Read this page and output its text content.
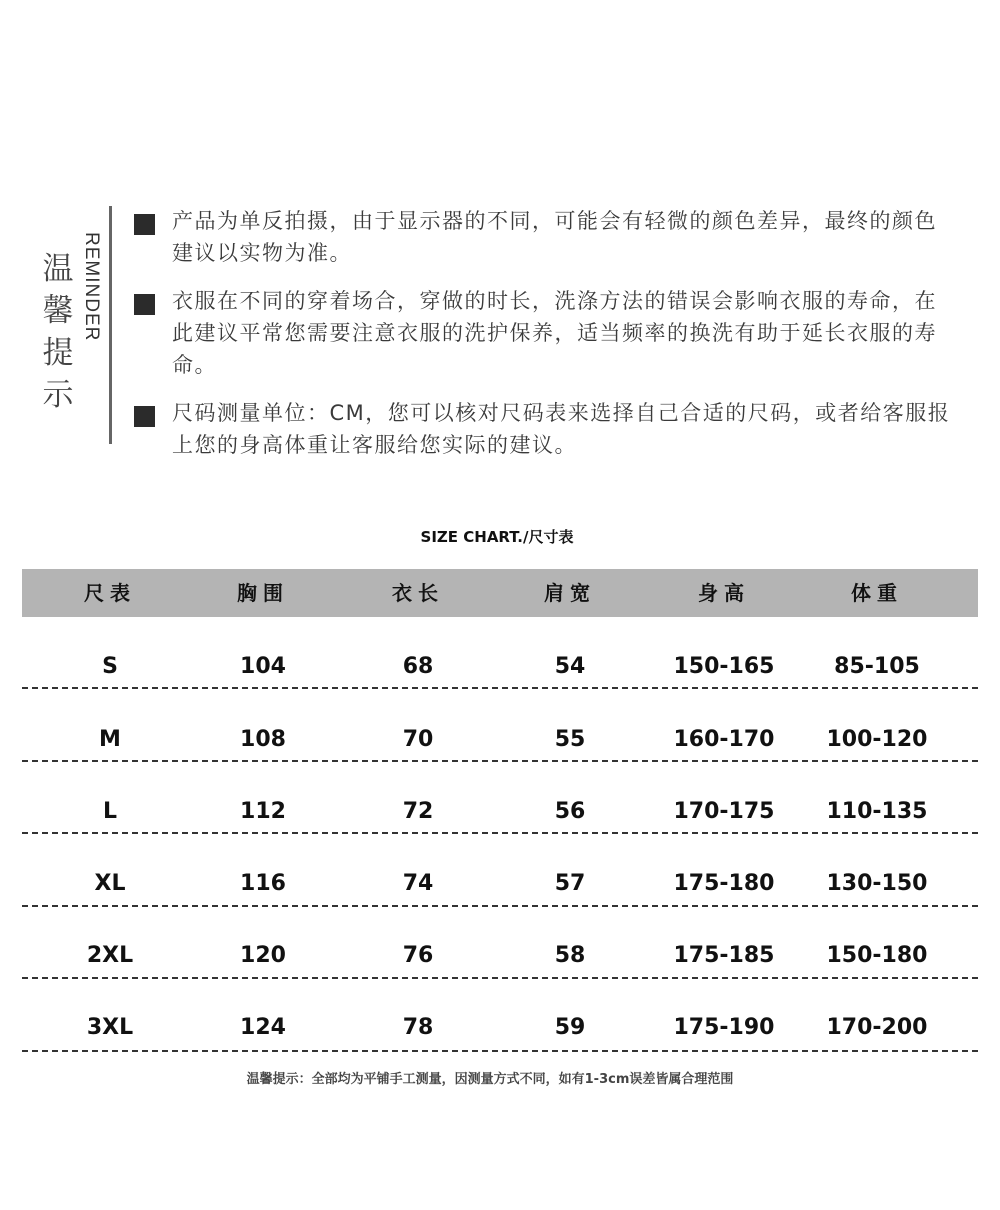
温
馨
提
示
REMINDER
产品为单反拍摄，由于显示器的不同，可能会有轻微的颜色差异，最终的颜色建议以实物为准。
衣服在不同的穿着场合，穿做的时长，洗涤方法的错误会影响衣服的寿命，在此建议平常您需要注意衣服的洗护保养，适当频率的换洗有助于延长衣服的寿命。
尺码测量单位：CM，您可以核对尺码表来选择自己合适的尺码，或者给客服报上您的身高体重让客服给您实际的建议。
SIZE CHART./尺寸表
尺表	胸围	衣长	肩宽	身高	体重
S	104	68	54	150-165	85-105
M	108	70	55	160-170	100-120
L	112	72	56	170-175	110-135
XL	116	74	57	175-180	130-150
2XL	120	76	58	175-185	150-180
3XL	124	78	59	175-190	170-200
温馨提示：全部均为平铺手工测量，因测量方式不同，如有1-3cm误差皆属合理范围
